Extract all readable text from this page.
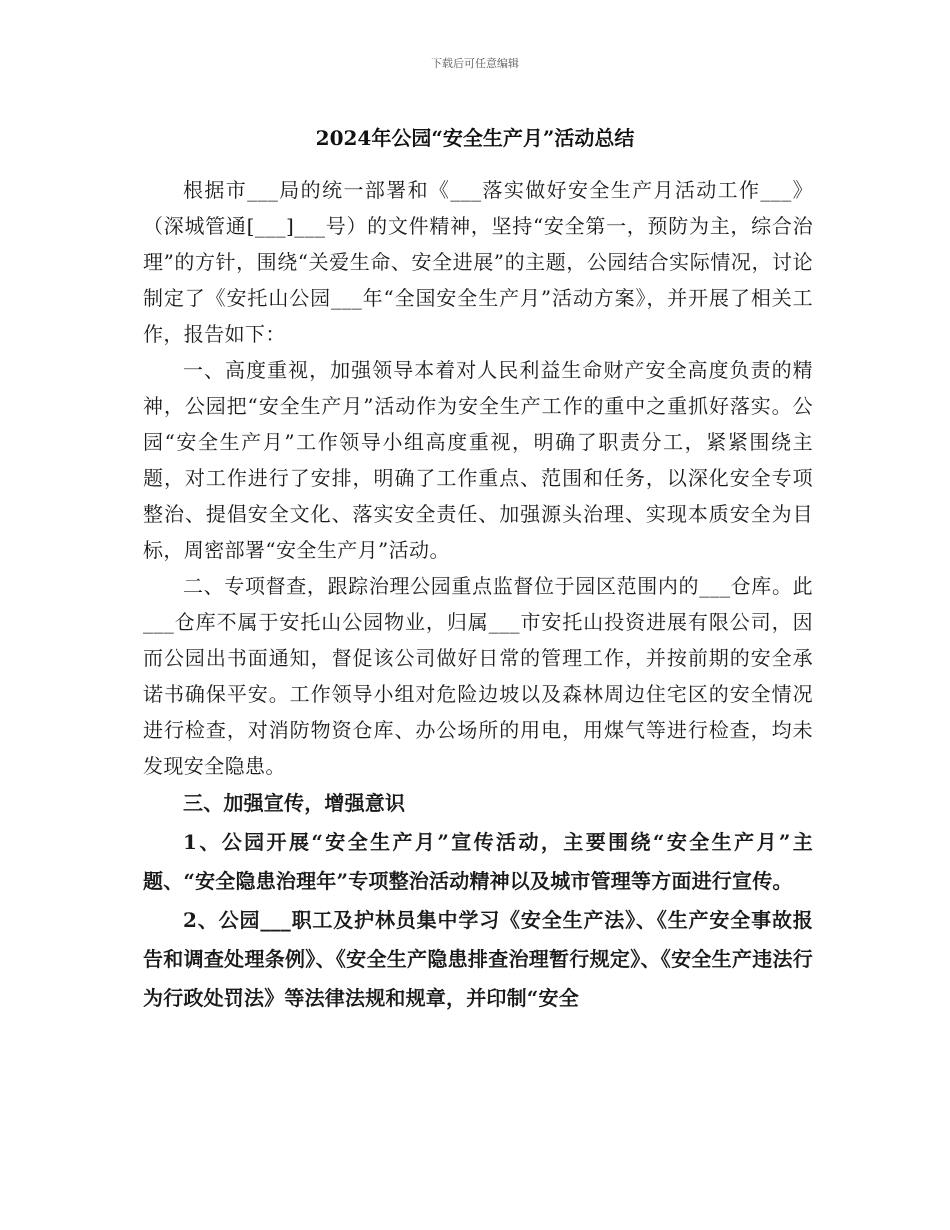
下载后可任意编辑
2024年公园“安全生产月”活动总结

根据市___局的统一部署和《___落实做好安全生产月活动工作___》（深城管通[___]___号）的文件精神，坚持“安全第一，预防为主，综合治理”的方针，围绕“关爱生命、安全进展”的主题，公园结合实际情况，讨论制定了《安托山公园___年“全国安全生产月”活动方案》，并开展了相关工作，报告如下：

一、高度重视，加强领导本着对人民利益生命财产安全高度负责的精神，公园把“安全生产月”活动作为安全生产工作的重中之重抓好落实。公园“安全生产月”工作领导小组高度重视，明确了职责分工，紧紧围绕主题，对工作进行了安排，明确了工作重点、范围和任务，以深化安全专项整治、提倡安全文化、落实安全责任、加强源头治理、实现本质安全为目标，周密部署“安全生产月”活动。

二、专项督查，跟踪治理公园重点监督位于园区范围内的___仓库。此___仓库不属于安托山公园物业，归属___市安托山投资进展有限公司，因而公园出书面通知，督促该公司做好日常的管理工作，并按前期的安全承诺书确保平安。工作领导小组对危险边坡以及森林周边住宅区的安全情况进行检查，对消防物资仓库、办公场所的用电，用煤气等进行检查，均未发现安全隐患。

三、加强宣传，增强意识

1、公园开展“安全生产月”宣传活动，主要围绕“安全生产月”主题、“安全隐患治理年”专项整治活动精神以及城市管理等方面进行宣传。

2、公园___职工及护林员集中学习《安全生产法》、《生产安全事故报告和调查处理条例》、《安全生产隐患排查治理暂行规定》、《安全生产违法行为行政处罚法》等法律法规和规章，并印制“安全
